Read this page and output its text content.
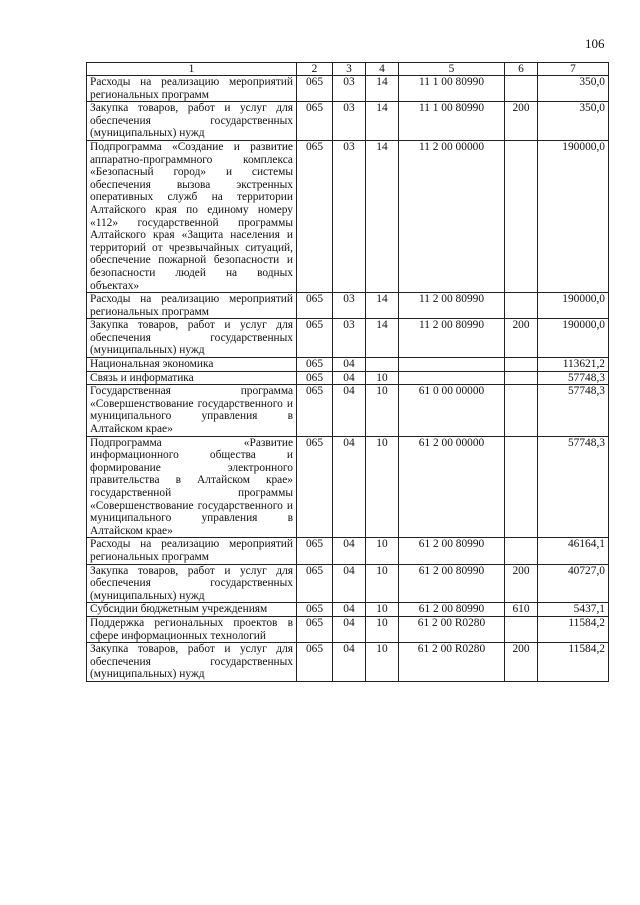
106
1	2	3	4	5	6	7
Расходы на реализацию мероприятий региональных программ	065	03	14	11 1 00 80990		350,0
Закупка товаров, работ и услуг для обеспечения государственных (муниципальных) нужд	065	03	14	11 1 00 80990	200	350,0
Подпрограмма «Создание и развитие аппаратно-программного комплекса «Безопасный город» и системы обеспечения вызова экстренных оперативных служб на территории Алтайского края по единому номеру «112» государственной программы Алтайского края «Защита населения и территорий от чрезвычайных ситуаций, обеспечение пожарной безопасности и безопасности людей на водных объектах»	065	03	14	11 2 00 00000		190000,0
Расходы на реализацию мероприятий региональных программ	065	03	14	11 2 00 80990		190000,0
Закупка товаров, работ и услуг для обеспечения государственных (муниципальных) нужд	065	03	14	11 2 00 80990	200	190000,0
Национальная экономика	065	04				113621,2
Связь и информатика	065	04	10			57748,3
Государственная программа «Совершенствование государственного и муниципального управления в Алтайском крае»	065	04	10	61 0 00 00000		57748,3
Подпрограмма «Развитие информационного общества и формирование электронного правительства в Алтайском крае» государственной программы «Совершенствование государственного и муниципального управления в Алтайском крае»	065	04	10	61 2 00 00000		57748,3
Расходы на реализацию мероприятий региональных программ	065	04	10	61 2 00 80990		46164,1
Закупка товаров, работ и услуг для обеспечения государственных (муниципальных) нужд	065	04	10	61 2 00 80990	200	40727,0
Субсидии бюджетным учреждениям	065	04	10	61 2 00 80990	610	5437,1
Поддержка региональных проектов в сфере информационных технологий	065	04	10	61 2 00 R0280		11584,2
Закупка товаров, работ и услуг для обеспечения государственных (муниципальных) нужд	065	04	10	61 2 00 R0280	200	11584,2
